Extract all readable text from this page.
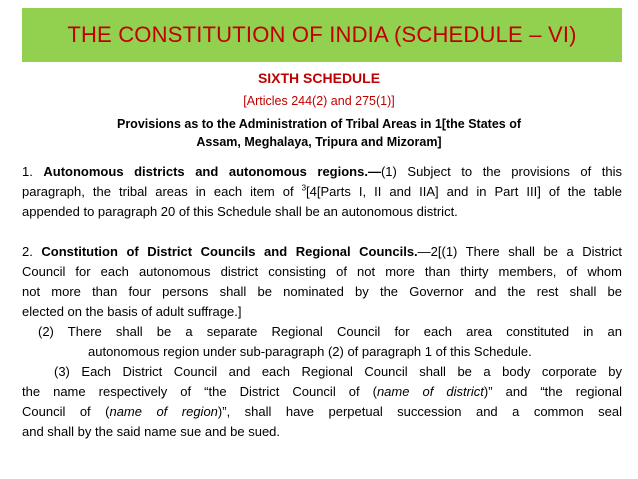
THE CONSTITUTION OF INDIA (SCHEDULE – VI)
SIXTH SCHEDULE
[Articles 244(2) and 275(1)]
Provisions as to the Administration of Tribal Areas in 1[the States of
Assam, Meghalaya, Tripura and Mizoram]
1. Autonomous districts and autonomous regions.—(1) Subject to the provisions of this
paragraph, the tribal areas in each item of $^3$[4[Parts I, II and IIA] and in Part III] of the table
appended to paragraph 20 of this Schedule shall be an autonomous district.
2. Constitution of District Councils and Regional Councils.—2[(1) There shall be a District
Council for each autonomous district consisting of not more than thirty members, of whom
not more than four persons shall be nominated by the Governor and the rest shall be
elected on the basis of adult suffrage.]
(2) There shall be a separate Regional Council for each area constituted in an
autonomous region under sub-paragraph (2) of paragraph 1 of this Schedule.
(3) Each District Council and each Regional Council shall be a body corporate by
the name respectively of “the District Council of (name of district)” and “the regional
Council of (name of region)”, shall have perpetual succession and a common seal
and shall by the said name sue and be sued.
